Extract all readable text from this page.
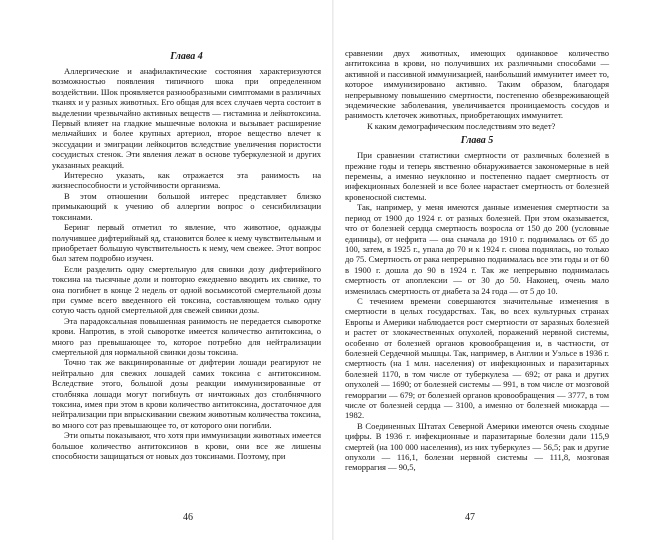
Глава 4

Аллергические и анафилактические состояния характеризуются возможностью появления типичного шока при определенном воздействии. Шок проявляется разнообразными симптомами в различных тканях и у разных животных. Его общая для всех случаев черта состоит в выделении чрезвычайно активных веществ — гистамина и лейкотоксина. Первый влияет на гладкие мышечные волокна и вызывает расширение мельчайших и более крупных артериол, второе вещество влечет к экссудации и эмиграции лейкоцитов вследствие увеличения пористости сосудистых стенок. Эти явления лежат в основе туберкулезной и других указанных реакций.

Интересно указать, как отражается эта ранимость на жизнеспособности и устойчивости организма.

В этом отношении большой интерес представляет близко примыкающий к учению об аллергии вопрос о сенсибилизации токсинами.

Беринг первый отметил то явление, что животное, однажды получившее дифтерийный яд, становится более к нему чувствительным и приобретает большую чувствительность к нему, чем свежее. Этот вопрос был затем подробно изучен.

Если разделить одну смертельную для свинки дозу дифтерийного токсина на тысячные доли и повторно ежедневно вводить их свинке, то она погибнет в конце 2 недель от одной восьмисотой смертельной дозы при сумме всего введенного ей токсина, составляющем только одну сотую часть одной смертельной для свежей свинки дозы.

Эта парадоксальная повышенная ранимость не передается сыворотке крови. Напротив, в этой сыворотке имеется количество антитоксина, о много раз превышающее то, которое потребно для нейтрализации смертельной для нормальной свинки дозы токсина.

Точно так же вакцинированные от дифтерии лошади реагируют не нейтрально для свежих лошадей самих токсина с антитоксином. Вследствие этого, большой дозы реакции иммунизированные от столбняка лошади могут погибнуть от ничтожных доз столбнячного токсина, имея при этом в крови количество антитоксина, достаточное для нейтрализации при впрыскивании свежим животным количества токсина, во много сот раз превышающее то, от которого они погибли.

Эти опыты показывают, что хотя при иммунизации животных имеется большое количество антитоксинов в крови, они все же лишены способности защищаться от новых доз токсинами. Поэтому, при

46

сравнении двух животных, имеющих одинаковое количество антитоксина в крови, но получивших их различными способами — активной и пассивной иммунизацией, наибольший иммунитет имеет то, которое иммунизировано активно. Таким образом, благодаря непрерывному повышению смертности, постепенно обезвреживающей эндемические заболевания, увеличивается проницаемость сосудов и ранимость клеточек животных, приобретающих иммунитет.

К каким демографическим последствиям это ведет?

Глава 5

При сравнении статистики смертности от различных болезней в прежние годы и теперь явственно обнаруживается закономерные в ней перемены, а именно неуклонно и постепенно падает смертность от инфекционных болезней и все более нарастает смертность от болезней кровеносной системы.

Так, например, у меня имеются данные изменения смертности за период от 1900 до 1924 г. от разных болезней. При этом оказывается, что от болезней сердца смертность возросла от 150 до 200 (условные единицы), от нефрита — она сначала до 1910 г. поднималась от 65 до 100, затем, в 1925 г., упала до 70 и к 1924 г. снова поднялась, но только до 75. Смертность от рака непрерывно поднималась все эти годы и от 60 в 1900 г. дошла до 90 в 1924 г. Так же непрерывно поднималась смертность от апоплексии — от 30 до 50. Наконец, очень мало изменилась смертность от диабета за 24 года — от 5 до 10.

С течением времени совершаются значительные изменения в смертности в целых государствах. Так, во всех культурных странах Европы и Америки наблюдается рост смертности от заразных болезней и растет от злокачественных опухолей, поражений нервной системы, особенно от болезней органов кровообращения и, в частности, от болезней Сердечной мышцы. Так, например, в Англии и Уэльсе в 1936 г. смертность (на 1 млн. населения) от инфекционных и паразитарных болезней 1170, в том числе от туберкулеза — 692; от рака и других опухолей — 1690; от болезней системы — 991, в том числе от мозговой геморрагии — 679; от болезней органов кровообращения — 3777, в том числе от болезней сердца — 3100, а именно от болезней миокарда — 1982.

В Соединенных Штатах Северной Америки имеются очень сходные цифры. В 1936 г. инфекционные и паразитарные болезни дали 115,9 смертей (на 100 000 населения), из них туберкулез — 56,5; рак и другие опухоли — 116,1, болезни нервной системы — 111,8, мозговая геморрагия — 90,5,

47
